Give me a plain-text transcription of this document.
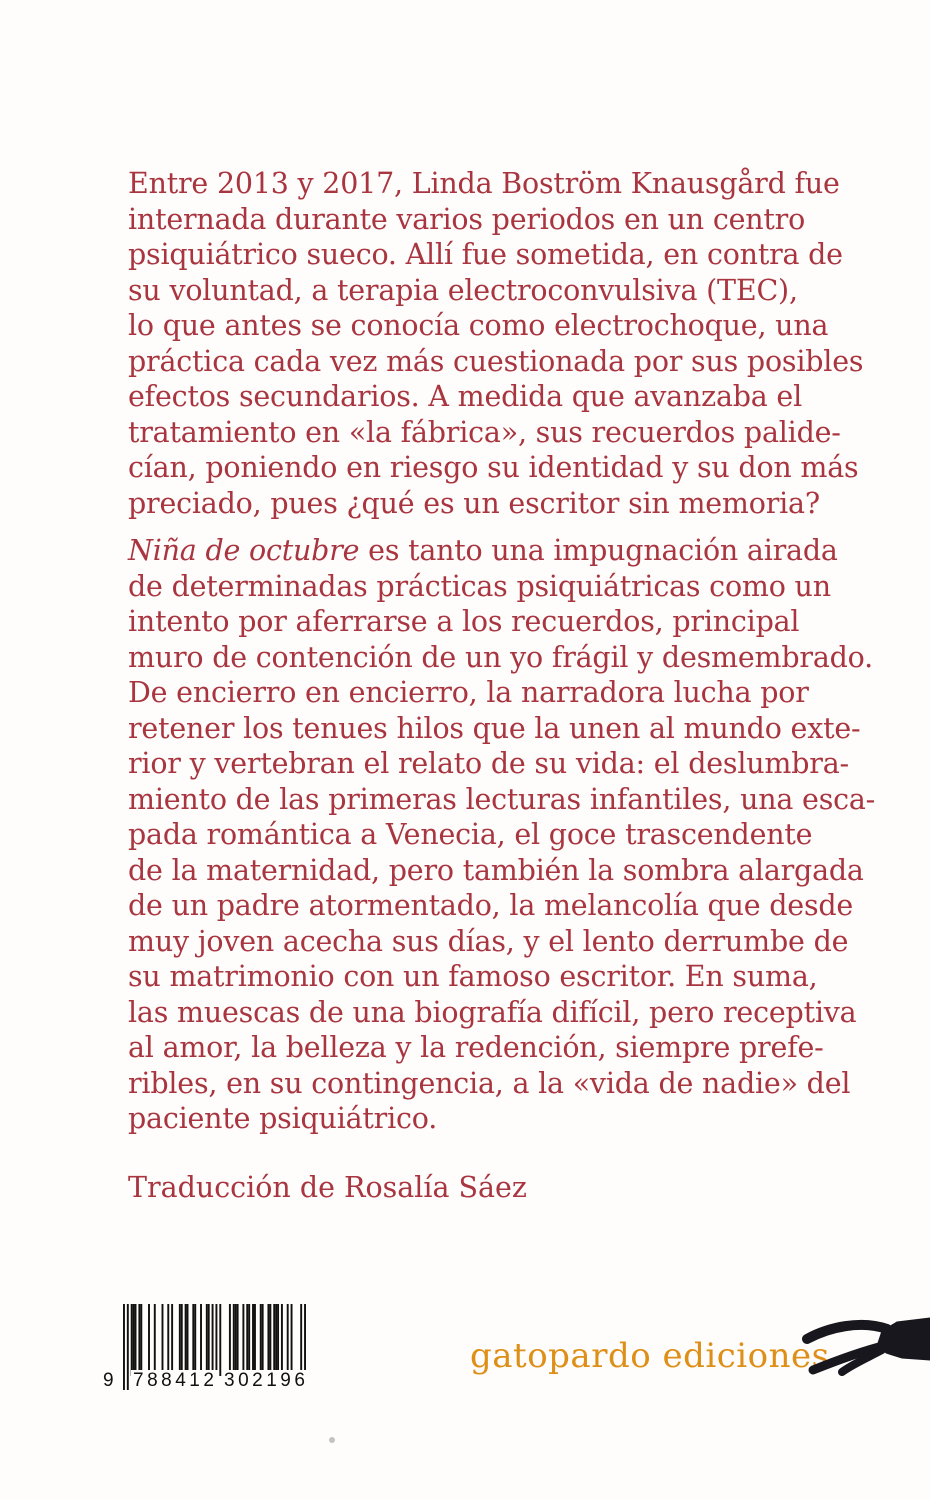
Entre 2013 y 2017, Linda Boström Knausgård fue
internada durante varios periodos en un centro
psiquiátrico sueco. Allí fue sometida, en contra de
su voluntad, a terapia electroconvulsiva (TEC),
lo que antes se conocía como electrochoque, una
práctica cada vez más cuestionada por sus posibles
efectos secundarios. A medida que avanzaba el
tratamiento en «la fábrica», sus recuerdos palide-
cían, poniendo en riesgo su identidad y su don más
preciado, pues ¿qué es un escritor sin memoria?
Niña de octubre es tanto una impugnación airada
de determinadas prácticas psiquiátricas como un
intento por aferrarse a los recuerdos, principal
muro de contención de un yo frágil y desmembrado.
De encierro en encierro, la narradora lucha por
retener los tenues hilos que la unen al mundo exte-
rior y vertebran el relato de su vida: el deslumbra-
miento de las primeras lecturas infantiles, una esca-
pada romántica a Venecia, el goce trascendente
de la maternidad, pero también la sombra alargada
de un padre atormentado, la melancolía que desde
muy joven acecha sus días, y el lento derrumbe de
su matrimonio con un famoso escritor. En suma,
las muescas de una biografía difícil, pero receptiva
al amor, la belleza y la redención, siempre prefe-
ribles, en su contingencia, a la «vida de nadie» del
paciente psiquiátrico.
Traducción de Rosalía Sáez
9 788412 302196
gatopardo ediciones
